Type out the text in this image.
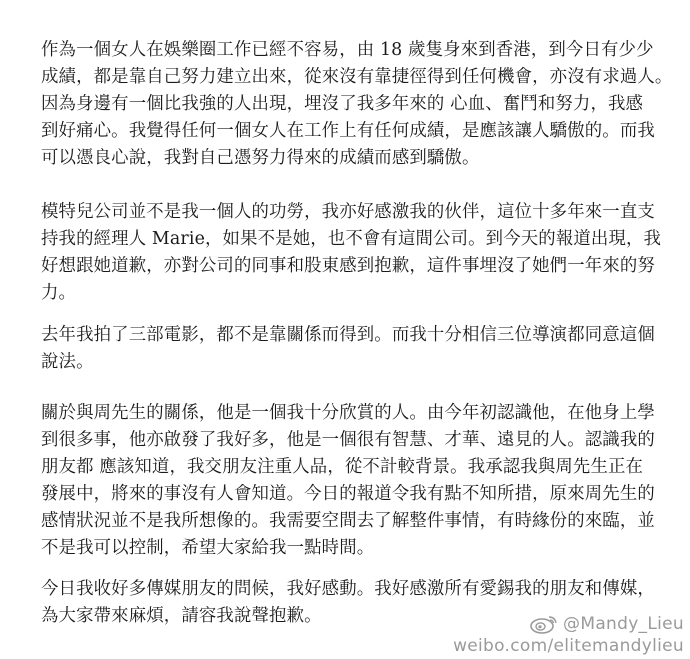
作為一個女人在娛樂圈工作已經不容易，由 18 歲隻身來到香港，到今日有少少
成績，都是靠自己努力建立出來，從來沒有靠捷徑得到任何機會，亦沒有求過人。
因為身邊有一個比我強的人出現，埋沒了我多年來的 心血、奮鬥和努力，我感
到好痛心。我覺得任何一個女人在工作上有任何成績，是應該讓人驕傲的。而我
可以憑良心說，我對自己憑努力得來的成績而感到驕傲。
模特兒公司並不是我一個人的功勞，我亦好感激我的伙伴，這位十多年來一直支
持我的經理人 Marie，如果不是她，也不會有這間公司。到今天的報道出現，我
好想跟她道歉，亦對公司的同事和股東感到抱歉，這件事埋沒了她們一年來的努
力。
去年我拍了三部電影，都不是靠關係而得到。而我十分相信三位導演都同意這個
說法。
關於與周先生的關係，他是一個我十分欣賞的人。由今年初認識他，在他身上學
到很多事，他亦啟發了我好多，他是一個很有智慧、才華、遠見的人。認識我的
朋友都 應該知道，我交朋友注重人品，從不計較背景。我承認我與周先生正在
發展中，將來的事沒有人會知道。今日的報道令我有點不知所措，原來周先生的
感情狀況並不是我所想像的。我需要空間去了解整件事情，有時緣份的來臨，並
不是我可以控制，希望大家給我一點時間。
今日我收好多傳媒朋友的問候，我好感動。我好感激所有愛錫我的朋友和傳媒，
為大家帶來麻煩，請容我說聲抱歉。	@Mandy_Lieu
weibo.com/elitemandylieu
